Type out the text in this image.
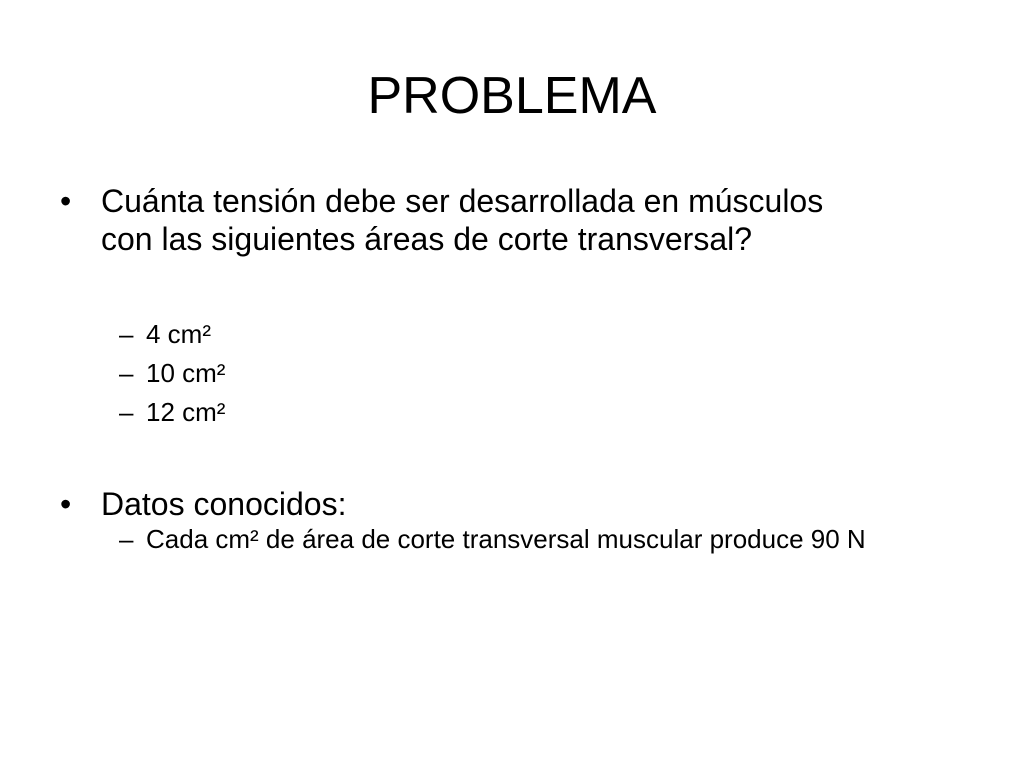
PROBLEMA
• Cuánta tensión debe ser desarrollada en músculos con las siguientes áreas de corte transversal?
– 4 cm²
– 10 cm²
– 12 cm²
• Datos conocidos:
– Cada cm² de área de corte transversal muscular produce 90 N
